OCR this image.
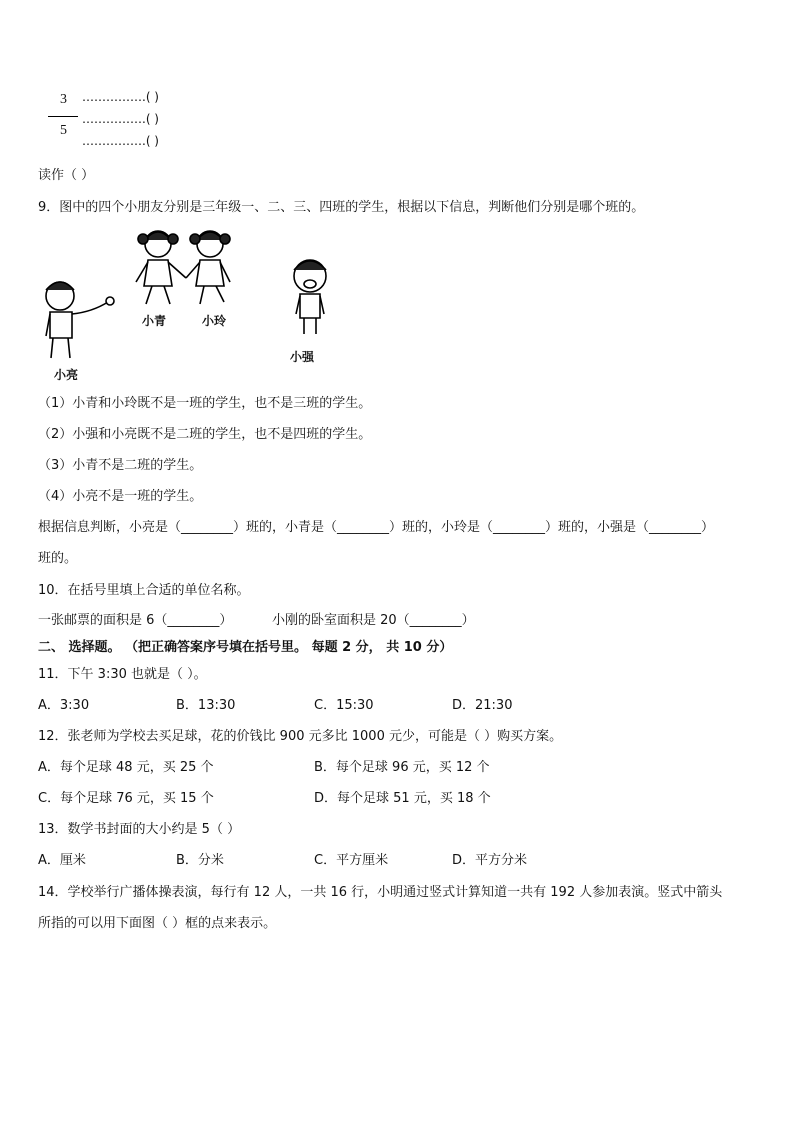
3
5
…………….( )
…………….( )
…………….( )
读作（ ）
9．图中的四个小朋友分别是三年级一、二、三、四班的学生，根据以下信息，判断他们分别是哪个班的。
小青	小玲
小强
小亮
（1）小青和小玲既不是一班的学生，也不是三班的学生。
（2）小强和小亮既不是二班的学生，也不是四班的学生。
（3）小青不是二班的学生。
（4）小亮不是一班的学生。
根据信息判断，小亮是（________）班的，小青是（________）班的，小玲是（________）班的，小强是（________）
班的。
10．在括号里填上合适的单位名称。
一张邮票的面积是 6（________）	小刚的卧室面积是 20（________）
二、 选择题。 （把正确答案序号填在括号里。 每题 2 分， 共 10 分）
11．下午 3:30 也就是（ ）。
A．3:30	B．13:30	C．15:30	D．21:30
12．张老师为学校去买足球，花的价钱比 900 元多比 1000 元少，可能是（ ）购买方案。
A．每个足球 48 元，买 25 个	B．每个足球 96 元，买 12 个
C．每个足球 76 元，买 15 个	D．每个足球 51 元，买 18 个
13．数学书封面的大小约是 5（ ）
A．厘米	B．分米	C．平方厘米	D．平方分米
14．学校举行广播体操表演，每行有 12 人，一共 16 行，小明通过竖式计算知道一共有 192 人参加表演。竖式中箭头
所指的可以用下面图（ ）框的点来表示。
